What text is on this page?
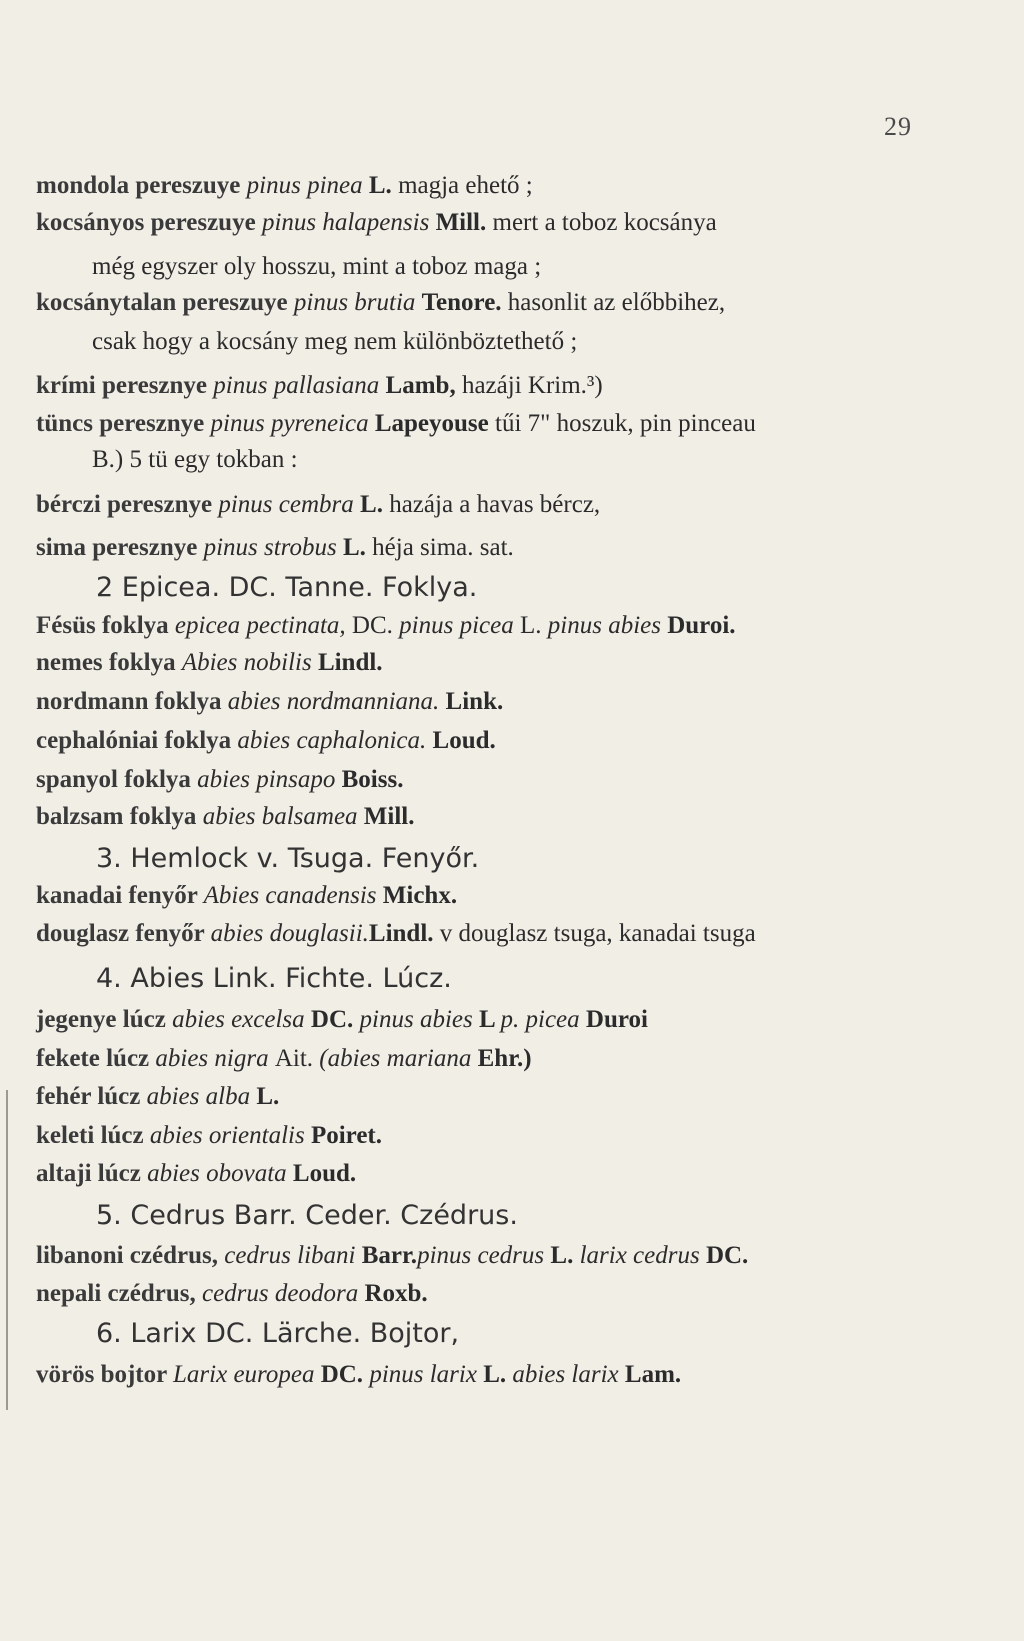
29
mondola pereszuye pinus pinea L. magja ehető ;
kocsányos pereszuye pinus halapensis Mill. mert a toboz kocsánya
még egyszer oly hosszu, mint a toboz maga ;
kocsánytalan pereszuye pinus brutia Tenore. hasonlit az előbbihez,
csak hogy a kocsány meg nem különböztethető ;
krími peresznye pinus pallasiana Lamb, hazáji Krim.³)
tüncs peresznye pinus pyreneica Lapeyouse tűi 7" hoszuk, pin pinceau
B.) 5 tü egy tokban :
bérczi peresznye pinus cembra L. hazája a havas bércz,
sima peresznye pinus strobus L. héja sima. sat.
2 Epicea. DC. Tanne. Foklya.
Fésüs foklya epicea pectinata, DC. pinus picea L. pinus abies Duroi.
nemes foklya Abies nobilis Lindl.
nordmann foklya abies nordmanniana. Link.
cephalóniai foklya abies caphalonica. Loud.
spanyol foklya abies pinsapo Boiss.
balzsam foklya abies balsamea Mill.
3. Hemlock v. Tsuga. Fenyőr.
kanadai fenyőr Abies canadensis Michx.
douglasz fenyőr abies douglasii.Lindl. v douglasz tsuga, kanadai tsuga
4. Abies Link. Fichte. Lúcz.
jegenye lúcz abies excelsa DC. pinus abies L p. picea Duroi
fekete lúcz abies nigra Ait. (abies mariana Ehr.)
fehér lúcz abies alba L.
keleti lúcz abies orientalis Poiret.
altaji lúcz abies obovata Loud.
5. Cedrus Barr. Ceder. Czédrus.
libanoni czédrus, cedrus libani Barr.pinus cedrus L. larix cedrus DC.
nepali czédrus, cedrus deodora Roxb.
6. Larix DC. Lärche. Bojtor,
vörös bojtor Larix europea DC. pinus larix L. abies larix Lam.
